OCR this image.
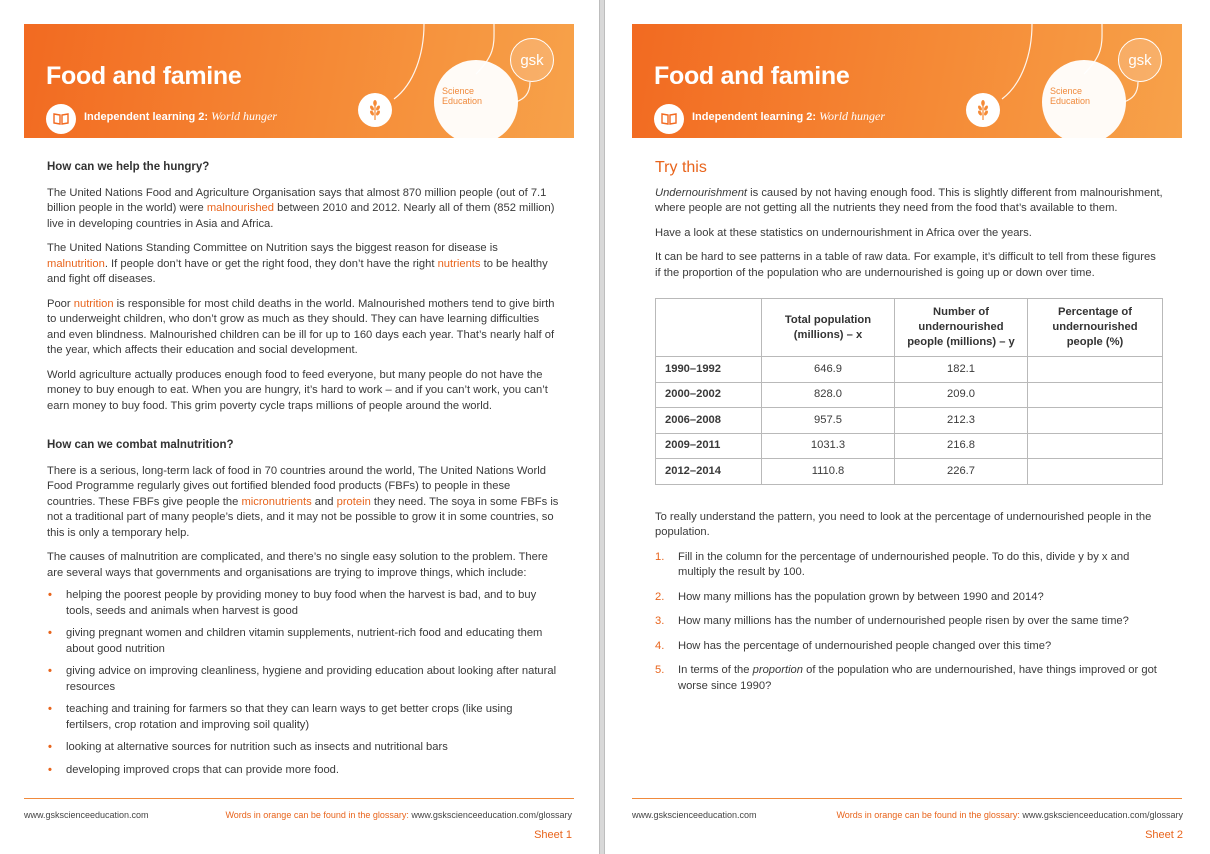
Food and famine
Independent learning 2: World hunger
Science
Education
gsk
How can we help the hungry?

The United Nations Food and Agriculture Organisation says that almost 870 million people (out of 7.1 billion people in the world) were malnourished between 2010 and 2012. Nearly all of them (852 million) live in developing countries in Asia and Africa.

The United Nations Standing Committee on Nutrition says the biggest reason for disease is malnutrition. If people don’t have or get the right food, they don’t have the right nutrients to be healthy and fight off diseases.

Poor nutrition is responsible for most child deaths in the world. Malnourished mothers tend to give birth to underweight children, who don’t grow as much as they should. They can have learning difficulties and even blindness. Malnourished children can be ill for up to 160 days each year. That’s nearly half of the year, which affects their education and social development.

World agriculture actually produces enough food to feed everyone, but many people do not have the money to buy enough to eat. When you are hungry, it’s hard to work – and if you can’t work, you can’t earn money to buy food. This grim poverty cycle traps millions of people around the world.

How can we combat malnutrition?

There is a serious, long-term lack of food in 70 countries around the world, The United Nations World Food Programme regularly gives out fortified blended food products (FBFs) to people in these countries. These FBFs give people the micronutrients and protein they need. The soya in some FBFs is not a traditional part of many people’s diets, and it may not be possible to grow it in some countries, so this is only a temporary help.

The causes of malnutrition are complicated, and there’s no single easy solution to the problem. There are several ways that governments and organisations are trying to improve things, which include:

• helping the poorest people by providing money to buy food when the harvest is bad, and to buy tools, seeds and animals when harvest is good
• giving pregnant women and children vitamin supplements, nutrient-rich food and educating them about good nutrition
• giving advice on improving cleanliness, hygiene and providing education about looking after natural resources
• teaching and training for farmers so that they can learn ways to get better crops (like using fertilsers, crop rotation and improving soil quality)
• looking at alternative sources for nutrition such as insects and nutritional bars
• developing improved crops that can provide more food.
www.gskscienceeducation.com	Words in orange can be found in the glossary: www.gskscienceeducation.com/glossary
Sheet 1
Food and famine
Independent learning 2: World hunger
Science
Education
gsk
Try this

Undernourishment is caused by not having enough food. This is slightly different from malnourishment, where people are not getting all the nutrients they need from the food that’s available to them.

Have a look at these statistics on undernourishment in Africa over the years.

It can be hard to see patterns in a table of raw data. For example, it’s difficult to tell from these figures if the proportion of the population who are undernourished is going up or down over time.

	Total population (millions) – x	Number of undernourished people (millions) – y	Percentage of undernourished people (%)
1990–1992	646.9	182.1	
2000–2002	828.0	209.0	
2006–2008	957.5	212.3	
2009–2011	1031.3	216.8	
2012–2014	1110.8	226.7	

To really understand the pattern, you need to look at the percentage of undernourished people in the population.

1. Fill in the column for the percentage of undernourished people. To do this, divide y by x and multiply the result by 100.
2. How many millions has the population grown by between 1990 and 2014?
3. How many millions has the number of undernourished people risen by over the same time?
4. How has the percentage of undernourished people changed over this time?
5. In terms of the proportion of the population who are undernourished, have things improved or got worse since 1990?
www.gskscienceeducation.com	Words in orange can be found in the glossary: www.gskscienceeducation.com/glossary
Sheet 2
